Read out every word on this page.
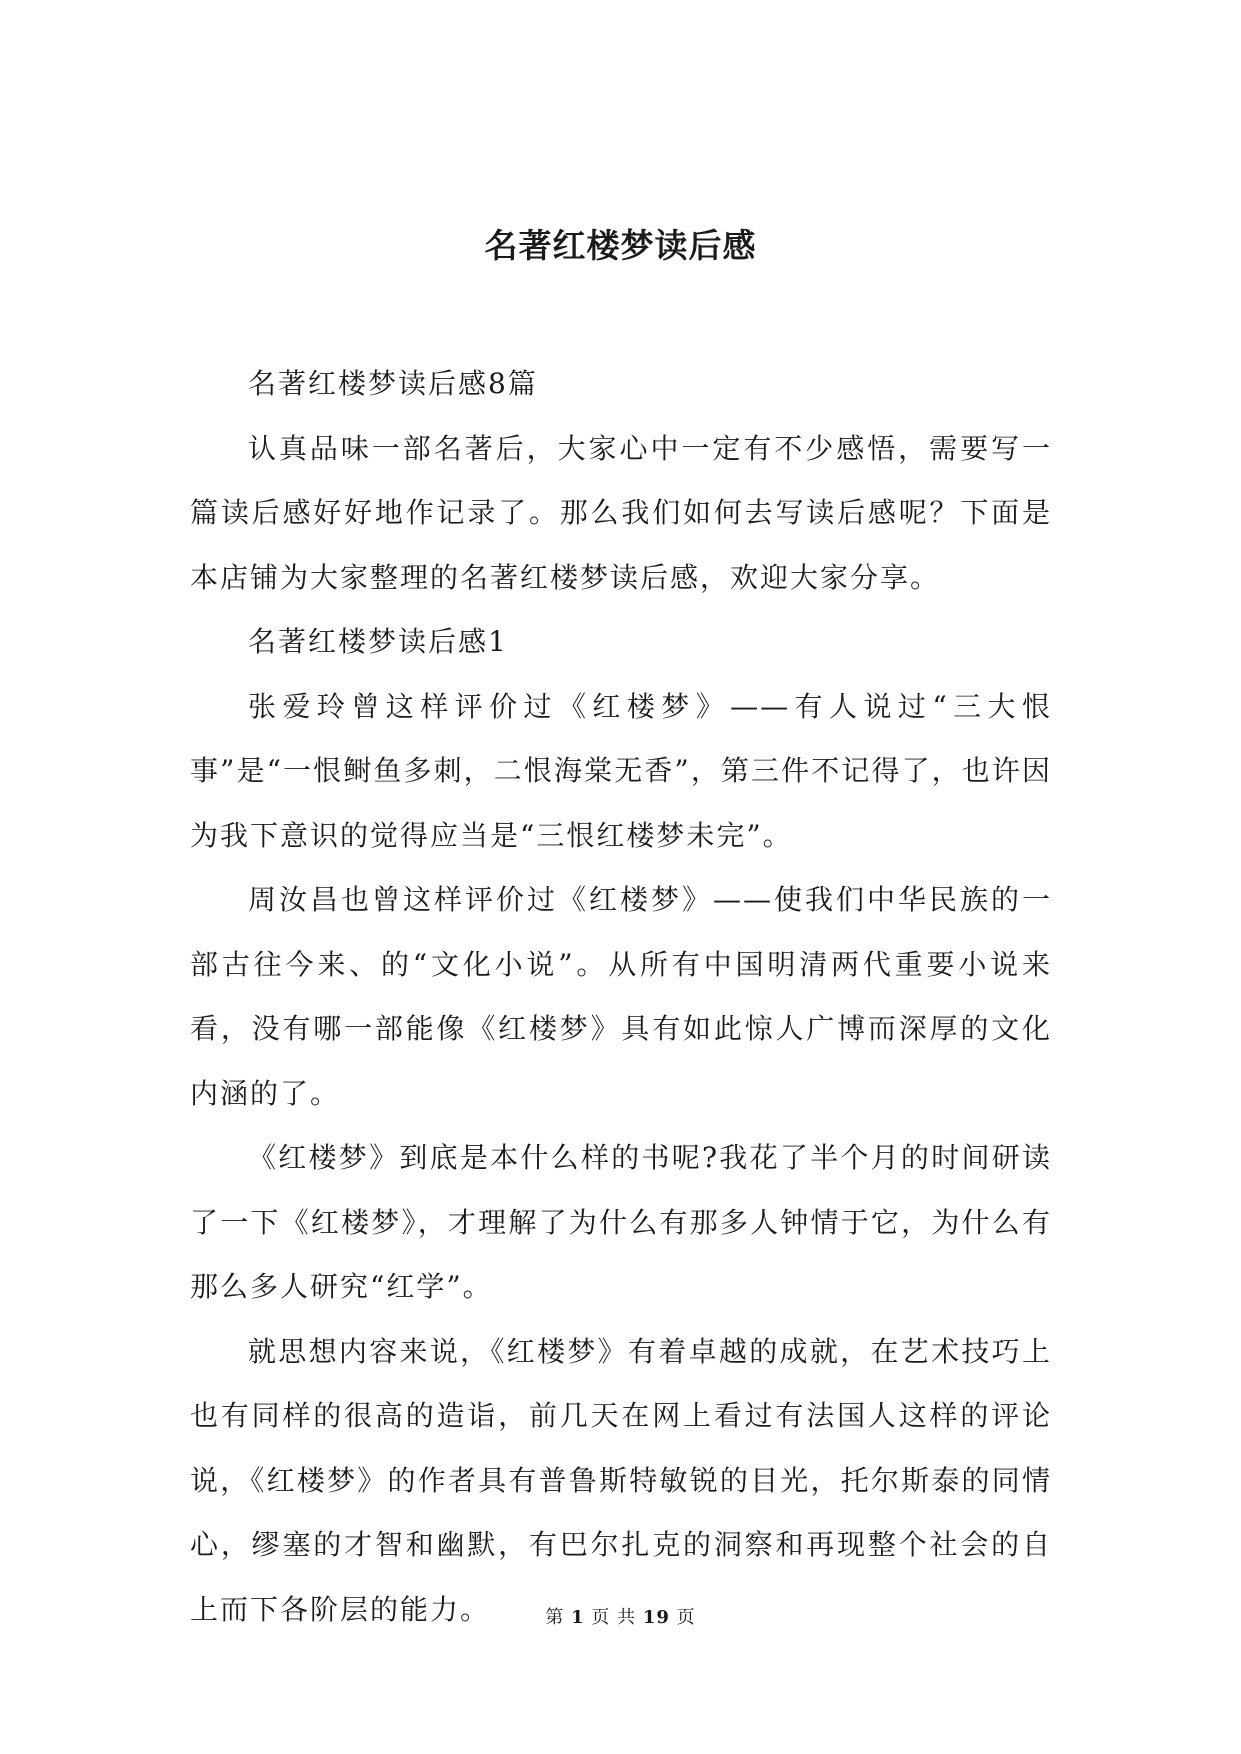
名著红楼梦读后感

名著红楼梦读后感8篇

认真品味一部名著后，大家心中一定有不少感悟，需要写一篇读后感好好地作记录了。那么我们如何去写读后感呢？下面是本店铺为大家整理的名著红楼梦读后感，欢迎大家分享。

名著红楼梦读后感1

张爱玲曾这样评价过《红楼梦》——有人说过“三大恨事”是“一恨鲥鱼多刺，二恨海棠无香”，第三件不记得了，也许因为我下意识的觉得应当是“三恨红楼梦未完”。

周汝昌也曾这样评价过《红楼梦》——使我们中华民族的一部古往今来、的“文化小说”。从所有中国明清两代重要小说来看，没有哪一部能像《红楼梦》具有如此惊人广博而深厚的文化内涵的了。

《红楼梦》到底是本什么样的书呢?我花了半个月的时间研读了一下《红楼梦》，才理解了为什么有那多人钟情于它，为什么有那么多人研究“红学”。

就思想内容来说，《红楼梦》有着卓越的成就，在艺术技巧上也有同样的很高的造诣，前几天在网上看过有法国人这样的评论说，《红楼梦》的作者具有普鲁斯特敏锐的目光，托尔斯泰的同情心，缪塞的才智和幽默，有巴尔扎克的洞察和再现整个社会的自上而下各阶层的能力。	第 1 页 共 19 页
